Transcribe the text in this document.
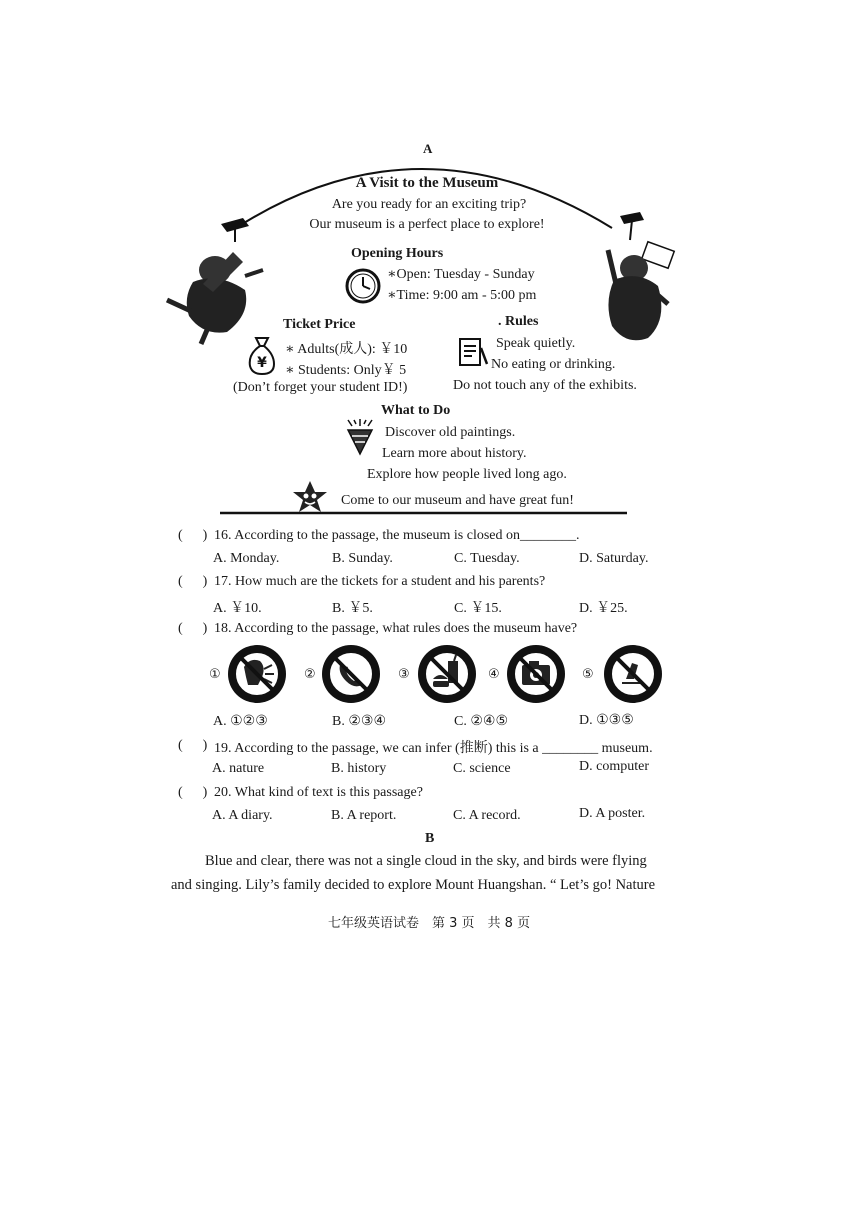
A
A Visit to the Museum
Are you ready for an exciting trip?
Our museum is a perfect place to explore!
Opening Hours
∗Open: Tuesday - Sunday
∗Time: 9:00 am - 5:00 pm
Ticket Price
¥
∗ Adults(成人): ￥10
∗ Students: Only￥ 5
(Don’t forget your student ID!)
. Rules
Speak quietly.
No eating or drinking.
Do not touch any of the exhibits.
What to Do
Discover old paintings.
Learn more about history.
Explore how people lived long ago.
Come to our museum and have great fun!
( ) 16. According to the passage, the museum is closed on________.
A. Monday.	B. Sunday.	C. Tuesday.	D. Saturday.
( ) 17. How much are the tickets for a student and his parents?
A. ￥10.	B. ￥5.	C. ￥15.	D. ￥25.
( ) 18. According to the passage, what rules does the museum have?
①	②	③	④	⑤
A. ①②③	B. ②③④	C. ②④⑤	D. ①③⑤
( ) 19. According to the passage, we can infer (推断) this is a ________ museum.
A. nature	B. history	C. science	D. computer
( ) 20. What kind of text is this passage?
A. A diary.	B. A report.	C. A record.	D. A poster.
B
Blue and clear, there was not a single cloud in the sky, and birds were flying
and singing. Lily’s family decided to explore Mount Huangshan. “ Let’s go! Nature
七年级英语试卷　第 3 页　共 8 页
